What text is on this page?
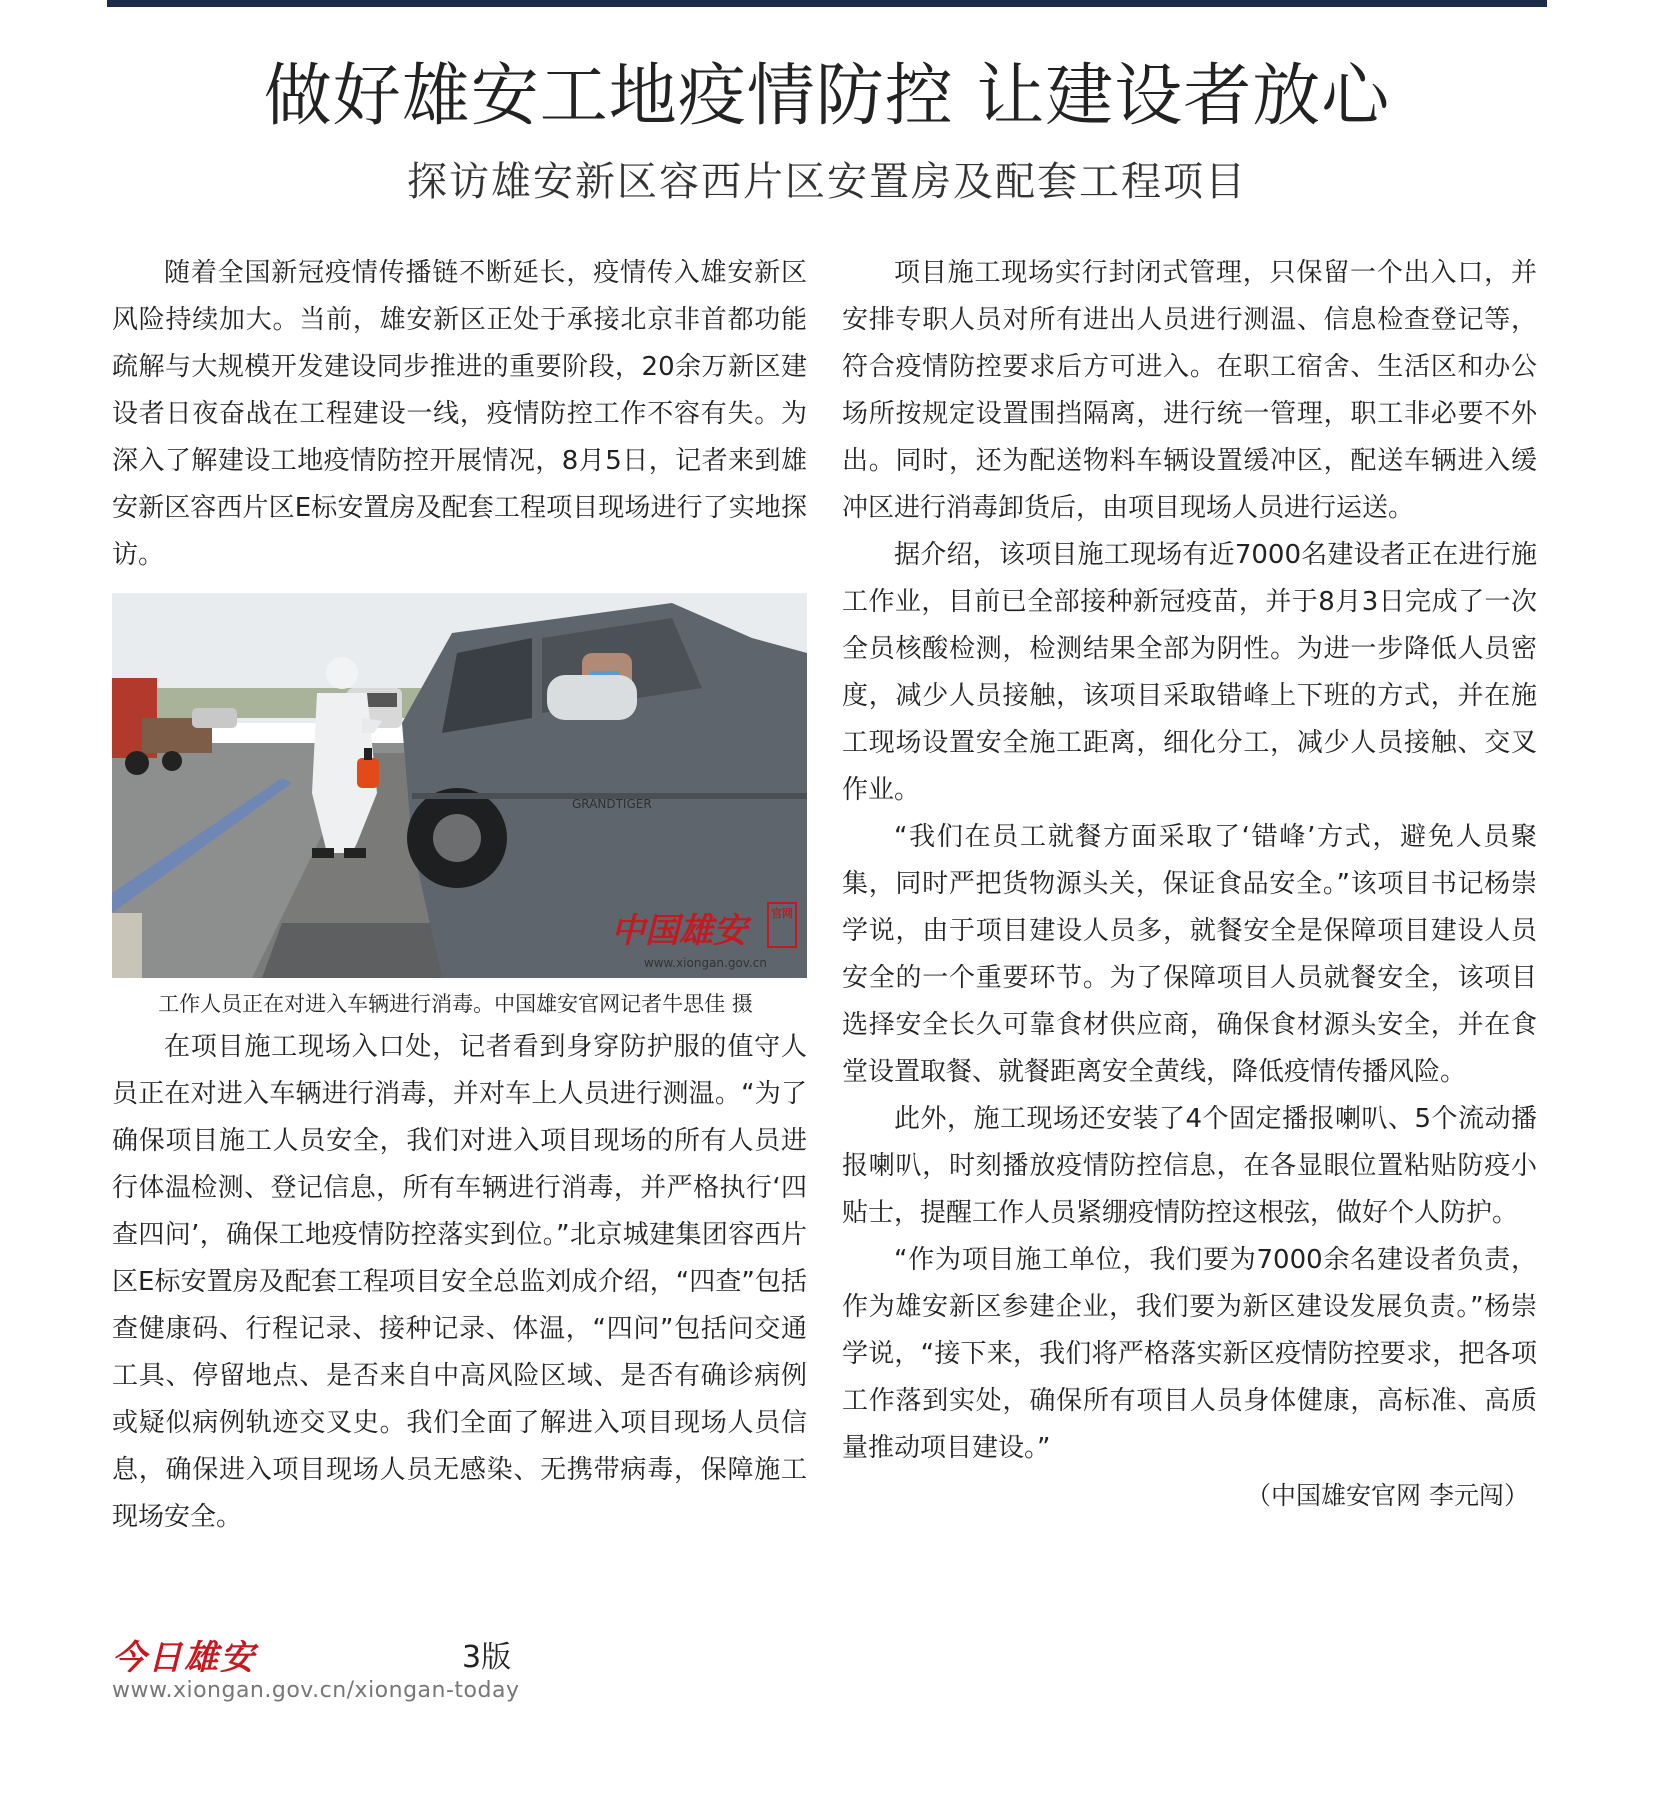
做好雄安工地疫情防控 让建设者放心
探访雄安新区容西片区安置房及配套工程项目

随着全国新冠疫情传播链不断延长，疫情传入雄安新区风险持续加大。当前，雄安新区正处于承接北京非首都功能疏解与大规模开发建设同步推进的重要阶段，20余万新区建设者日夜奋战在工程建设一线，疫情防控工作不容有失。为深入了解建设工地疫情防控开展情况，8月5日，记者来到雄安新区容西片区E标安置房及配套工程项目现场进行了实地探访。

GRANDTIGER
中国雄安	官网
www.xiongan.gov.cn
工作人员正在对进入车辆进行消毒。中国雄安官网记者牛思佳 摄

在项目施工现场入口处，记者看到身穿防护服的值守人员正在对进入车辆进行消毒，并对车上人员进行测温。“为了确保项目施工人员安全，我们对进入项目现场的所有人员进行体温检测、登记信息，所有车辆进行消毒，并严格执行‘四查四问’，确保工地疫情防控落实到位。”北京城建集团容西片区E标安置房及配套工程项目安全总监刘成介绍，“四查”包括查健康码、行程记录、接种记录、体温，“四问”包括问交通工具、停留地点、是否来自中高风险区域、是否有确诊病例或疑似病例轨迹交叉史。我们全面了解进入项目现场人员信息，确保进入项目现场人员无感染、无携带病毒，保障施工现场安全。

项目施工现场实行封闭式管理，只保留一个出入口，并安排专职人员对所有进出人员进行测温、信息检查登记等，符合疫情防控要求后方可进入。在职工宿舍、生活区和办公场所按规定设置围挡隔离，进行统一管理，职工非必要不外出。同时，还为配送物料车辆设置缓冲区，配送车辆进入缓冲区进行消毒卸货后，由项目现场人员进行运送。

据介绍，该项目施工现场有近7000名建设者正在进行施工作业，目前已全部接种新冠疫苗，并于8月3日完成了一次全员核酸检测，检测结果全部为阴性。为进一步降低人员密度，减少人员接触，该项目采取错峰上下班的方式，并在施工现场设置安全施工距离，细化分工，减少人员接触、交叉作业。

“我们在员工就餐方面采取了‘错峰’方式，避免人员聚集，同时严把货物源头关，保证食品安全。”该项目书记杨崇学说，由于项目建设人员多，就餐安全是保障项目建设人员安全的一个重要环节。为了保障项目人员就餐安全，该项目选择安全长久可靠食材供应商，确保食材源头安全，并在食堂设置取餐、就餐距离安全黄线，降低疫情传播风险。

此外，施工现场还安装了4个固定播报喇叭、5个流动播报喇叭，时刻播放疫情防控信息，在各显眼位置粘贴防疫小贴士，提醒工作人员紧绷疫情防控这根弦，做好个人防护。

“作为项目施工单位，我们要为7000余名建设者负责，作为雄安新区参建企业，我们要为新区建设发展负责。”杨崇学说，“接下来，我们将严格落实新区疫情防控要求，把各项工作落到实处，确保所有项目人员身体健康，高标准、高质量推动项目建设。”

（中国雄安官网 李元闯）
今日雄安	3版
www.xiongan.gov.cn/xiongan-today
